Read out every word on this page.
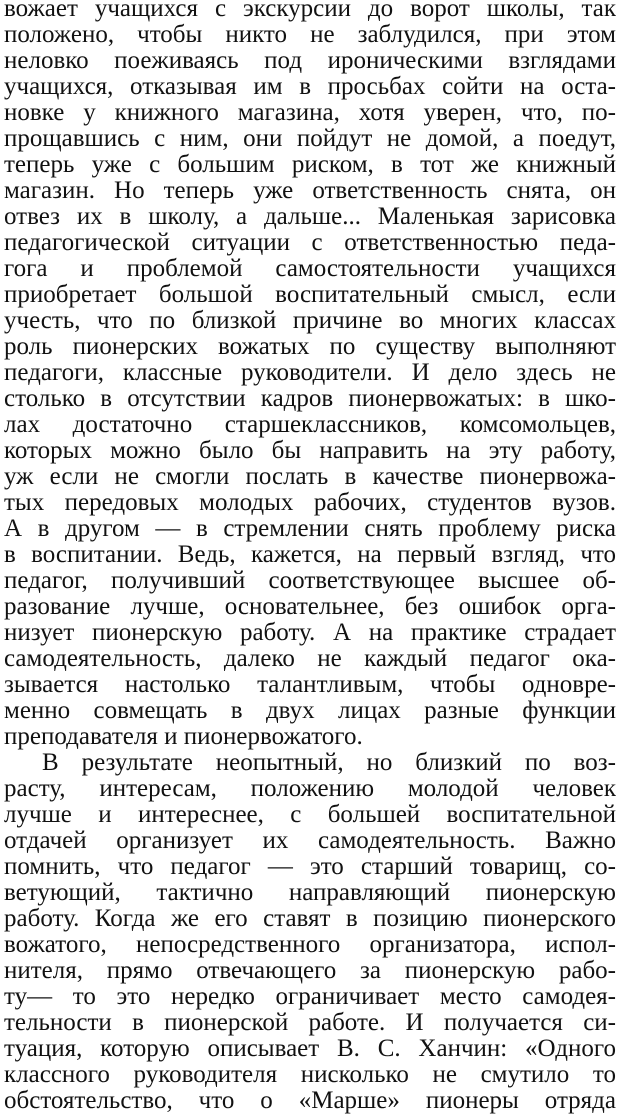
вожает учащихся с экскурсии до ворот школы, так
положено, чтобы никто не заблудился, при этом
неловко поеживаясь под ироническими взглядами
учащихся, отказывая им в просьбах сойти на оста-
новке у книжного магазина, хотя уверен, что, по-
прощавшись с ним, они пойдут не домой, а поедут,
теперь уже с большим риском, в тот же книжный
магазин. Но теперь уже ответственность снята, он
отвез их в школу, а дальше... Маленькая зарисовка
педагогической ситуации с ответственностью педа-
гога и проблемой самостоятельности учащихся
приобретает большой воспитательный смысл, если
учесть, что по близкой причине во многих классах
роль пионерских вожатых по существу выполняют
педагоги, классные руководители. И дело здесь не
столько в отсутствии кадров пионервожатых: в шко-
лах достаточно старшеклассников, комсомольцев,
которых можно было бы направить на эту работу,
уж если не смогли послать в качестве пионервожа-
тых передовых молодых рабочих, студентов вузов.
А в другом — в стремлении снять проблему риска
в воспитании. Ведь, кажется, на первый взгляд, что
педагог, получивший соответствующее высшее об-
разование лучше, основательнее, без ошибок орга-
низует пионерскую работу. А на практике страдает
самодеятельность, далеко не каждый педагог ока-
зывается настолько талантливым, чтобы одновре-
менно совмещать в двух лицах разные функции
преподавателя и пионервожатого.
В результате неопытный, но близкий по воз-
расту, интересам, положению молодой человек
лучше и интереснее, с большей воспитательной
отдачей организует их самодеятельность. Важно
помнить, что педагог — это старший товарищ, со-
ветующий, тактично направляющий пионерскую
работу. Когда же его ставят в позицию пионерского
вожатого, непосредственного организатора, испол-
нителя, прямо отвечающего за пионерскую рабо-
ту— то это нередко ограничивает место самодея-
тельности в пионерской работе. И получается си-
туация, которую описывает В. С. Ханчин: «Одного
классного руководителя нисколько не смутило то
обстоятельство, что о «Марше» пионеры отряда
